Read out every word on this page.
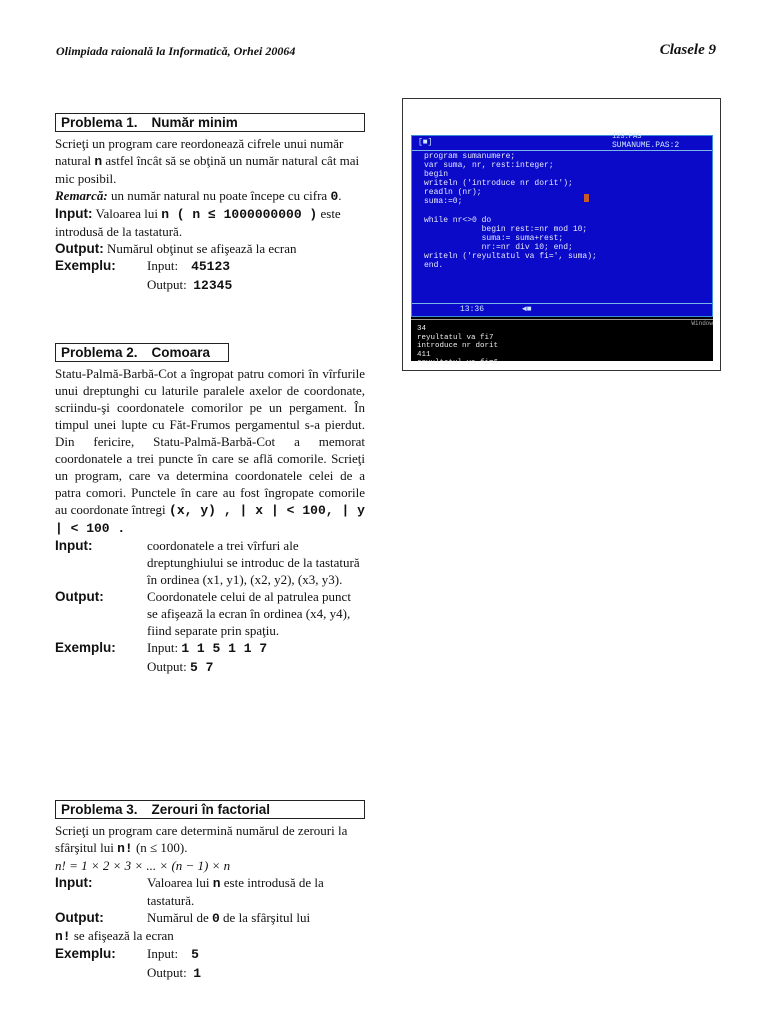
Olimpiada raională la Informatică, Orhei 20064	Clasele 9
Problema 1. Număr minim
Scrieţi un program care reordonează cifrele unui număr natural n astfel încât să se obţină un număr natural cât mai mic posibil.
Remarcă: un număr natural nu poate începe cu cifra 0.
Input: Valoarea lui n ( n ≤ 1000000000 ) este introdusă de la tastatură.
Output: Numărul obţinut se afişează la ecran
Exemplu: Input: 45123
Output: 12345
Problema 2. Comoara
Statu-Palmă-Barbă-Cot a îngropat patru comori în vîrfurile unui dreptunghi cu laturile paralele axelor de coordonate, scriindu-şi coordonatele comorilor pe un pergament. În timpul unei lupte cu Făt-Frumos pergamentul s-a pierdut. Din fericire, Statu-Palmă-Barbă-Cot a memorat coordonatele a trei puncte în care se află comorile. Scrieţi un program, care va determina coordonatele celei de a patra comori. Punctele în care au fost îngropate comorile au coordonate întregi (x, y) , | x | < 100, | y | < 100 .
Input:	coordonatele a trei vîrfuri ale dreptunghiului se introduc de la tastatură în ordinea (x1, y1), (x2, y2), (x3, y3).
Output:	Coordonatele celui de al patrulea punct se afişează la ecran în ordinea (x4, y4),
fiind separate prin spaţiu.
Exemplu: Input: 1 1 5 1 1 7
Output: 5 7
Problema 3. Zerouri în factorial
Scrieţi un program care determină numărul de zerouri la sfârşitul lui n! (n ≤ 100).
n! = 1 × 2 × 3 × ... × (n − 1) × n
Input:	Valoarea lui n este introdusă de la tastatură.
Output:	Numărul de 0 de la sfârşitul lui
n! se afişează la ecran
Exemplu: Input: 5
Output: 1
[■]
123.PAS
SUMANUME.PAS:2
program sumanumere;
var suma, nr, rest:integer;
begin
writeln ('introduce nr dorit');
readln (nr);
suma:=0;

while nr<>0 do
begin rest:=nr mod 10;
suma:= suma+rest;
nr:=nr div 10; end;
writeln ('reyultatul va fi=', suma);
end.
13:36	◄■
Window
34
reyultatul va fi7
introduce nr dorit
411
reyultatul va fi=6
